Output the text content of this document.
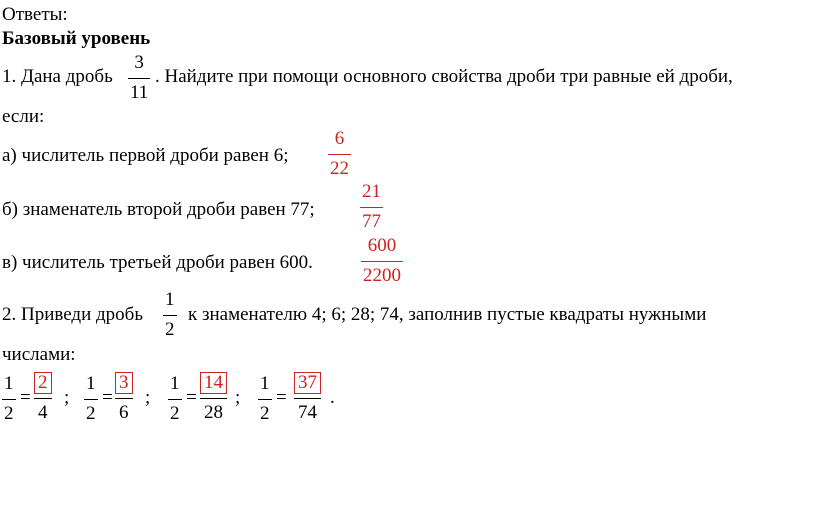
Ответы:
Базовый уровень
1. Дана дробь
3
11
. Найдите при помощи основного свойства дроби три равные ей дроби,
если:
а) числитель первой дроби равен 6;
6
22
б) знаменатель второй дроби равен 77;
21
77
в) числитель третьей дроби равен 600.
600
2200
2. Приведи дробь
1
2
к знаменателю 4; 6; 28; 74, заполнив пустые квадраты нужными
числами:
1
2
= $\frac{2}{4}$ ;
1
2
= $\frac{3}{6}$ ;
1
2
= $\frac{14}{28}$ ;
1
2
= $\frac{37}{74}$ .
